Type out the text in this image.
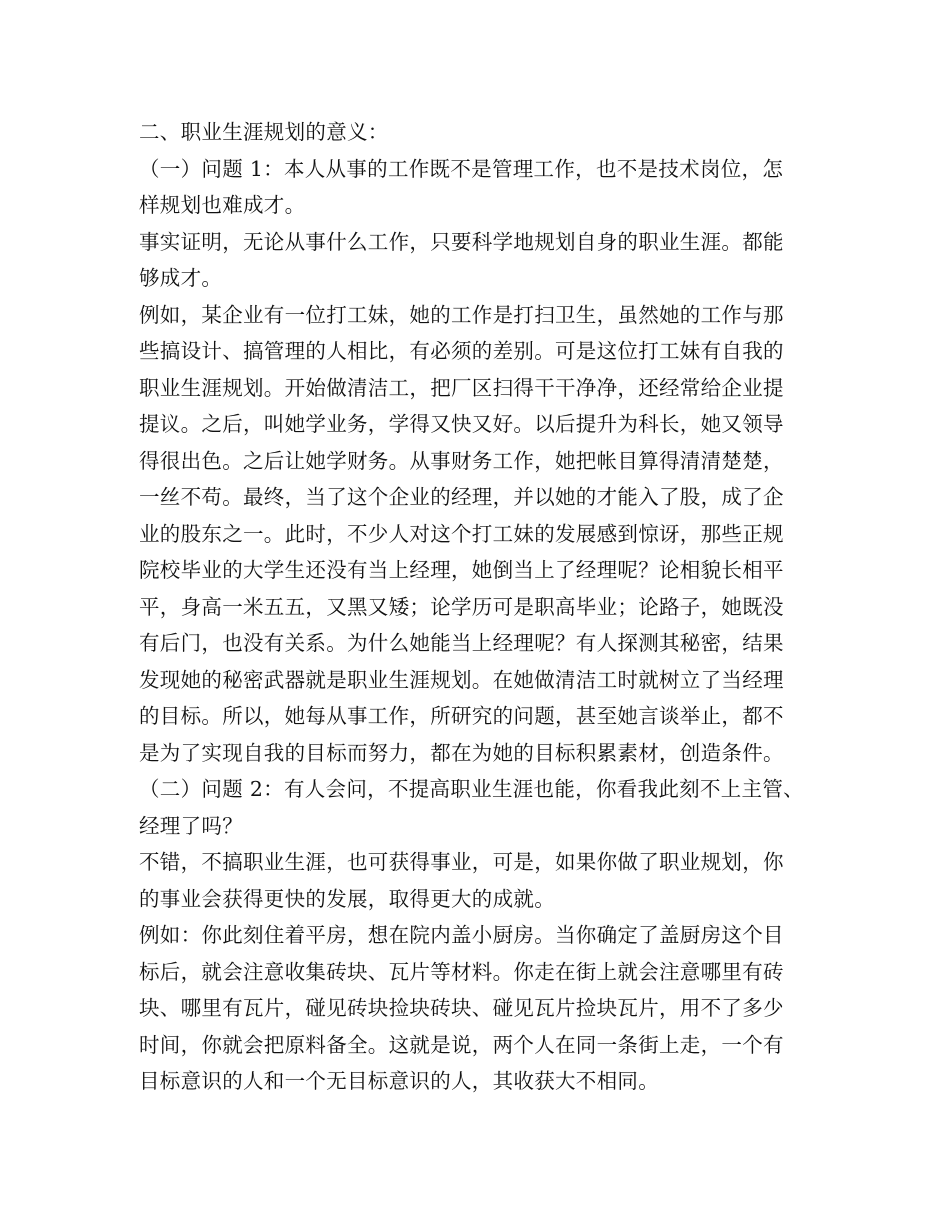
二、职业生涯规划的意义：
（一）问题 1：本人从事的工作既不是管理工作，也不是技术岗位，怎
样规划也难成才。
事实证明，无论从事什么工作，只要科学地规划自身的职业生涯。都能
够成才。
例如，某企业有一位打工妹，她的工作是打扫卫生，虽然她的工作与那
些搞设计、搞管理的人相比，有必须的差别。可是这位打工妹有自我的
职业生涯规划。开始做清洁工，把厂区扫得干干净净，还经常给企业提
提议。之后，叫她学业务，学得又快又好。以后提升为科长，她又领导
得很出色。之后让她学财务。从事财务工作，她把帐目算得清清楚楚，
一丝不苟。最终，当了这个企业的经理，并以她的才能入了股，成了企
业的股东之一。此时，不少人对这个打工妹的发展感到惊讶，那些正规
院校毕业的大学生还没有当上经理，她倒当上了经理呢？论相貌长相平
平，身高一米五五，又黑又矮；论学历可是职高毕业；论路子，她既没
有后门，也没有关系。为什么她能当上经理呢？有人探测其秘密，结果
发现她的秘密武器就是职业生涯规划。在她做清洁工时就树立了当经理
的目标。所以，她每从事工作，所研究的问题，甚至她言谈举止，都不
是为了实现自我的目标而努力，都在为她的目标积累素材，创造条件。
（二）问题 2：有人会问，不提高职业生涯也能，你看我此刻不上主管、
经理了吗？
不错，不搞职业生涯，也可获得事业，可是，如果你做了职业规划，你
的事业会获得更快的发展，取得更大的成就。
例如：你此刻住着平房，想在院内盖小厨房。当你确定了盖厨房这个目
标后，就会注意收集砖块、瓦片等材料。你走在街上就会注意哪里有砖
块、哪里有瓦片，碰见砖块捡块砖块、碰见瓦片捡块瓦片，用不了多少
时间，你就会把原料备全。这就是说，两个人在同一条街上走，一个有
目标意识的人和一个无目标意识的人，其收获大不相同。
